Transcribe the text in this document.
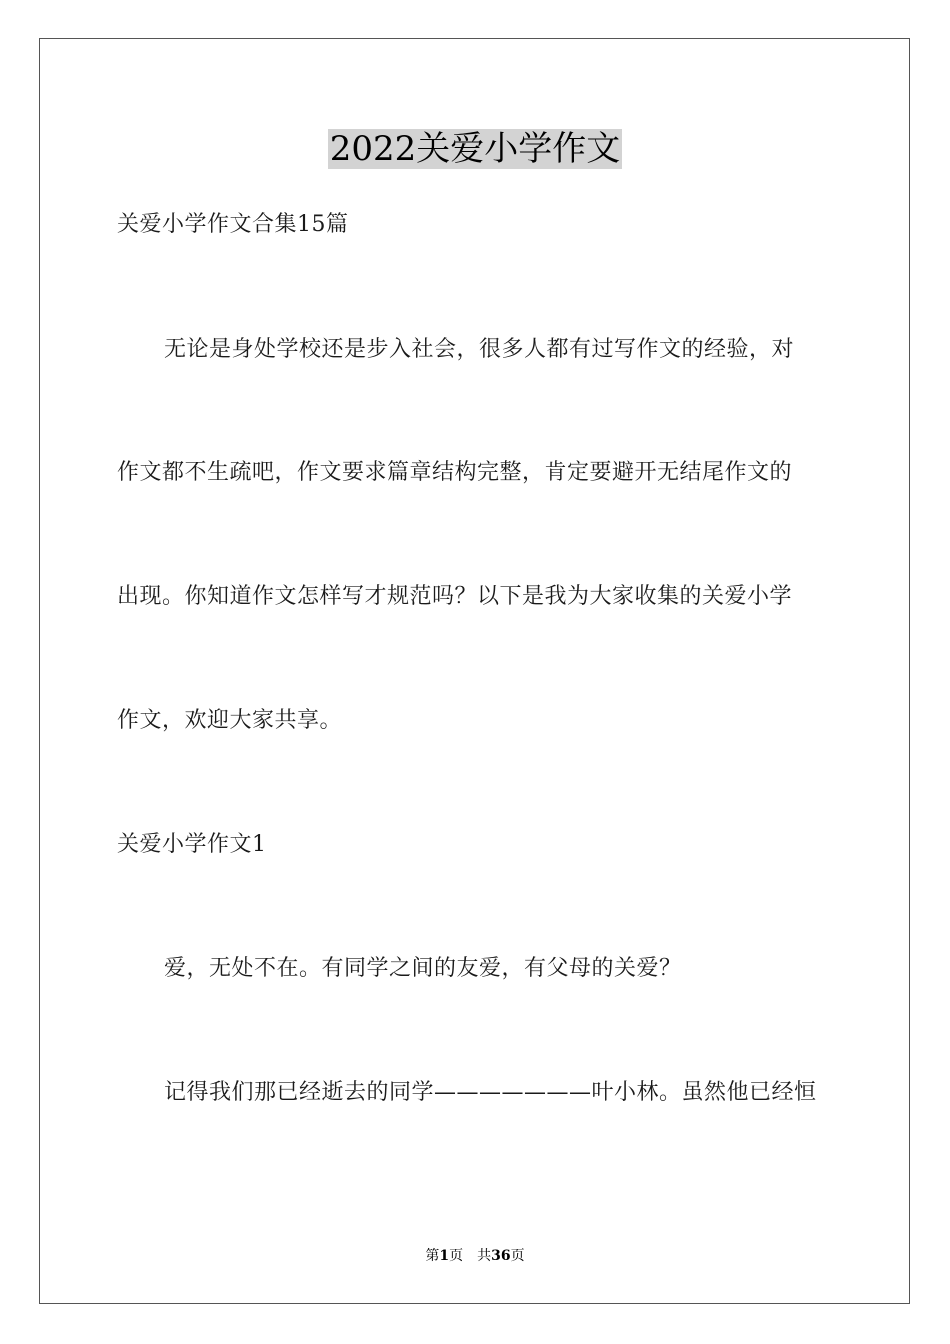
2022关爱小学作文
关爱小学作文合集15篇
无论是身处学校还是步入社会，很多人都有过写作文的经验，对
作文都不生疏吧，作文要求篇章结构完整，肯定要避开无结尾作文的
出现。你知道作文怎样写才规范吗？以下是我为大家收集的关爱小学
作文，欢迎大家共享。
关爱小学作文1
爱，无处不在。有同学之间的友爱，有父母的关爱？
记得我们那已经逝去的同学———————叶小林。虽然他已经恒
第1页 共36页
